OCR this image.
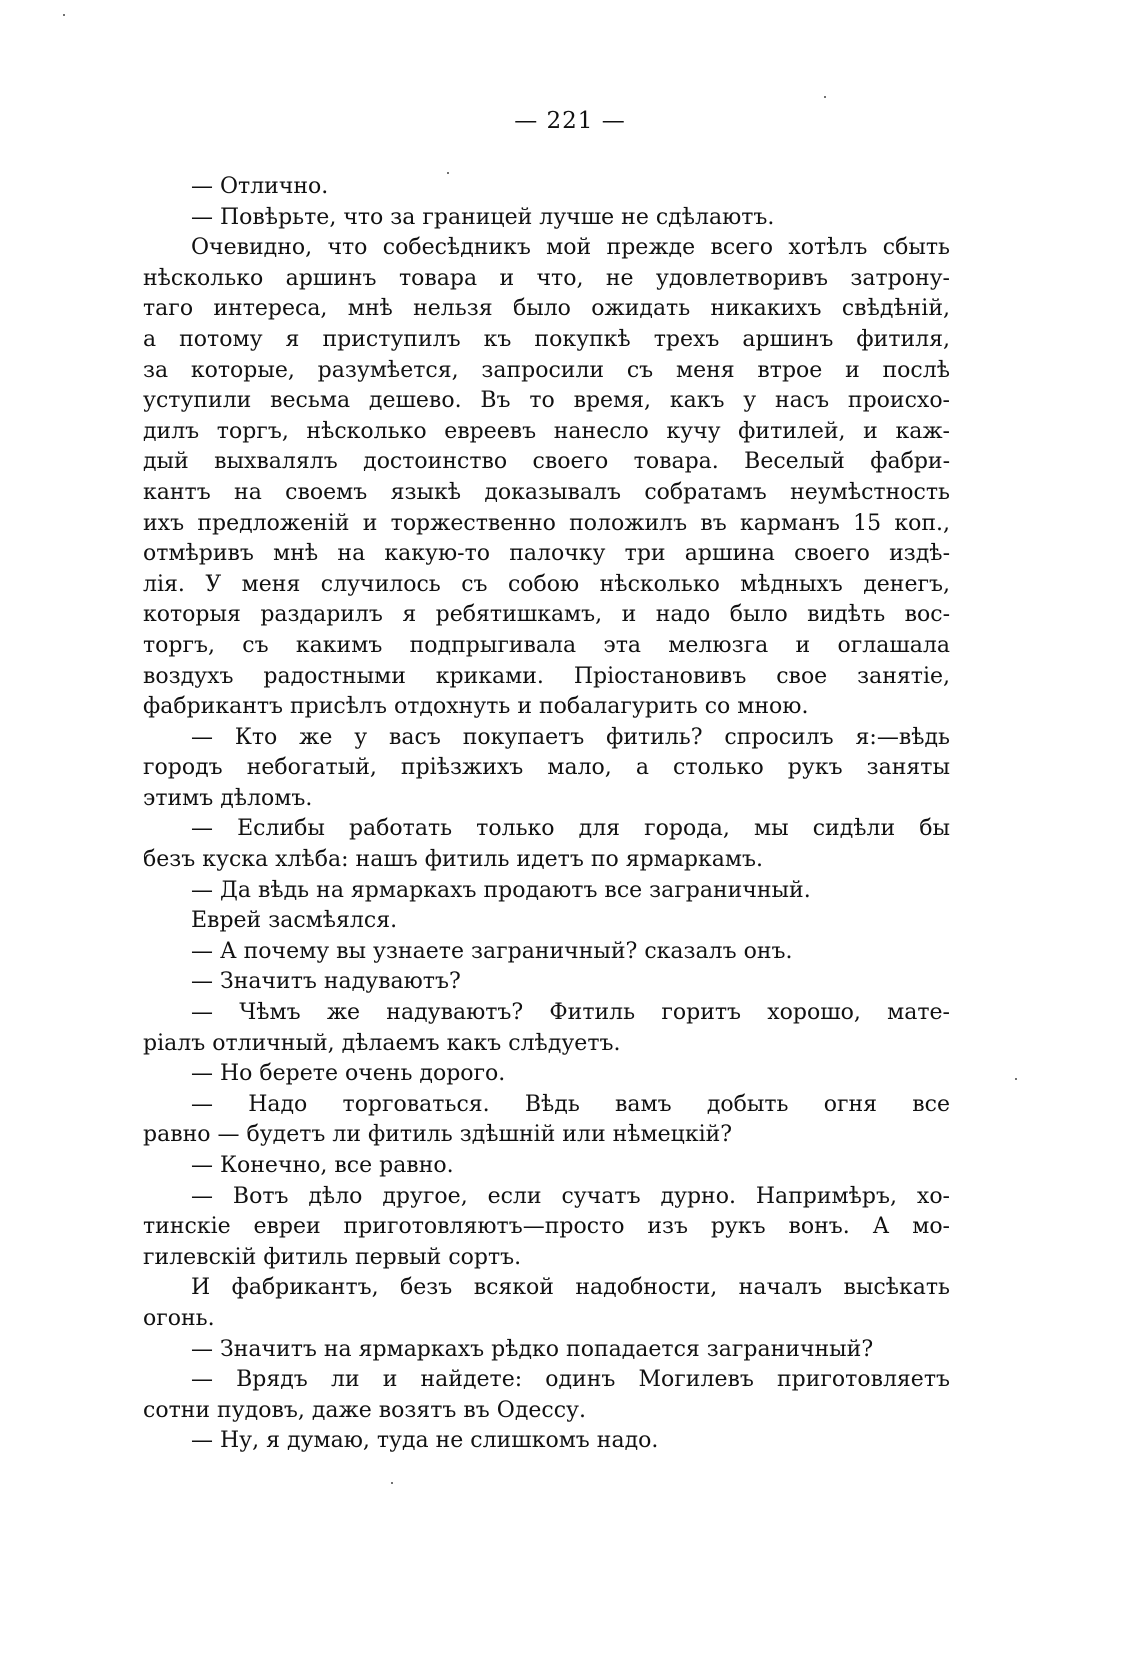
— 221 —
— Отлично.
— Повѣрьте, что за границей лучше не сдѣлаютъ.
Очевидно, что собесѣдникъ мой прежде всего хотѣлъ сбыть
нѣсколько аршинъ товара и что, не удовлетворивъ затрону-
таго интереса, мнѣ нельзя было ожидать никакихъ свѣдѣній,
а потому я приступилъ къ покупкѣ трехъ аршинъ фитиля,
за которые, разумѣется, запросили съ меня втрое и послѣ
уступили весьма дешево. Въ то время, какъ у насъ происхо-
дилъ торгъ, нѣсколько евреевъ нанесло кучу фитилей, и каж-
дый выхвалялъ достоинство своего товара. Веселый фабри-
кантъ на своемъ языкѣ доказывалъ собратамъ неумѣстность
ихъ предложеній и торжественно положилъ въ карманъ 15 коп.,
отмѣривъ мнѣ на какую-то палочку три аршина своего издѣ-
лія. У меня случилось съ собою нѣсколько мѣдныхъ денегъ,
которыя раздарилъ я ребятишкамъ, и надо было видѣть вос-
торгъ, съ какимъ подпрыгивала эта мелюзга и оглашала
воздухъ радостными криками. Пріостановивъ свое занятіе,
фабрикантъ присѣлъ отдохнуть и побалагурить со мною.
— Кто же у васъ покупаетъ фитиль? спросилъ я:—вѣдь
городъ небогатый, пріѣзжихъ мало, а столько рукъ заняты
этимъ дѣломъ.
— Еслибы работать только для города, мы сидѣли бы
безъ куска хлѣба: нашъ фитиль идетъ по ярмаркамъ.
— Да вѣдь на ярмаркахъ продаютъ все заграничный.
Еврей засмѣялся.
— А почему вы узнаете заграничный? сказалъ онъ.
— Значитъ надуваютъ?
— Чѣмъ же надуваютъ? Фитиль горитъ хорошо, мате-
ріалъ отличный, дѣлаемъ какъ слѣдуетъ.
— Но берете очень дорого.
— Надо торговаться. Вѣдь вамъ добыть огня все
равно — будетъ ли фитиль здѣшній или нѣмецкій?
— Конечно, все равно.
— Вотъ дѣло другое, если сучатъ дурно. Напримѣръ, хо-
тинскіе евреи приготовляютъ—просто изъ рукъ вонъ. А мо-
гилевскій фитиль первый сортъ.
И фабрикантъ, безъ всякой надобности, началъ высѣкать
огонь.
— Значитъ на ярмаркахъ рѣдко попадается заграничный?
— Врядъ ли и найдете: одинъ Могилевъ приготовляетъ
сотни пудовъ, даже возятъ въ Одессу.
— Ну, я думаю, туда не слишкомъ надо.
